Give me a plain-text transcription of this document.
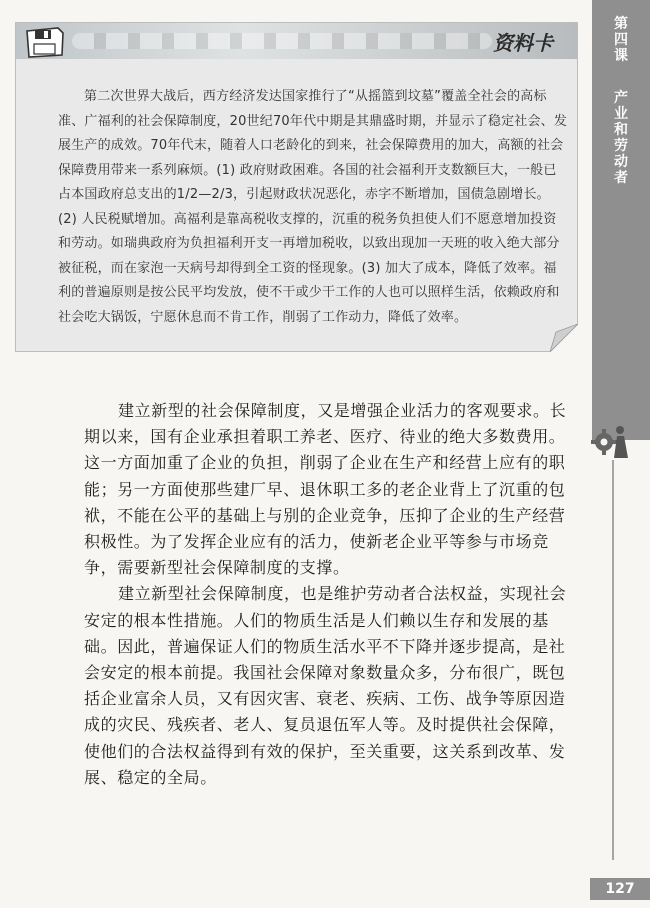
第四课
产业和劳动者
127
资料卡
第二次世界大战后，西方经济发达国家推行了“从摇篮到坟墓”覆盖全社会的高标准、广福利的社会保障制度，20世纪70年代中期是其鼎盛时期，并显示了稳定社会、发展生产的成效。70年代末，随着人口老龄化的到来，社会保障费用的加大，高额的社会保障费用带来一系列麻烦。(1) 政府财政困难。各国的社会福利开支数额巨大，一般已占本国政府总支出的1/2—2/3，引起财政状况恶化，赤字不断增加，国债急剧增长。(2) 人民税赋增加。高福利是靠高税收支撑的，沉重的税务负担使人们不愿意增加投资和劳动。如瑞典政府为负担福利开支一再增加税收，以致出现加一天班的收入绝大部分被征税，而在家泡一天病号却得到全工资的怪现象。(3) 加大了成本，降低了效率。福利的普遍原则是按公民平均发放，使不干或少干工作的人也可以照样生活，依赖政府和社会吃大锅饭，宁愿休息而不肯工作，削弱了工作动力，降低了效率。

建立新型的社会保障制度，又是增强企业活力的客观要求。长期以来，国有企业承担着职工养老、医疗、待业的绝大多数费用。这一方面加重了企业的负担，削弱了企业在生产和经营上应有的职能；另一方面使那些建厂早、退休职工多的老企业背上了沉重的包袱，不能在公平的基础上与别的企业竞争，压抑了企业的生产经营积极性。为了发挥企业应有的活力，使新老企业平等参与市场竞争，需要新型社会保障制度的支撑。

建立新型社会保障制度，也是维护劳动者合法权益，实现社会安定的根本性措施。人们的物质生活是人们赖以生存和发展的基础。因此，普遍保证人们的物质生活水平不下降并逐步提高，是社会安定的根本前提。我国社会保障对象数量众多，分布很广，既包括企业富余人员，又有因灾害、衰老、疾病、工伤、战争等原因造成的灾民、残疾者、老人、复员退伍军人等。及时提供社会保障，使他们的合法权益得到有效的保护，至关重要，这关系到改革、发展、稳定的全局。
